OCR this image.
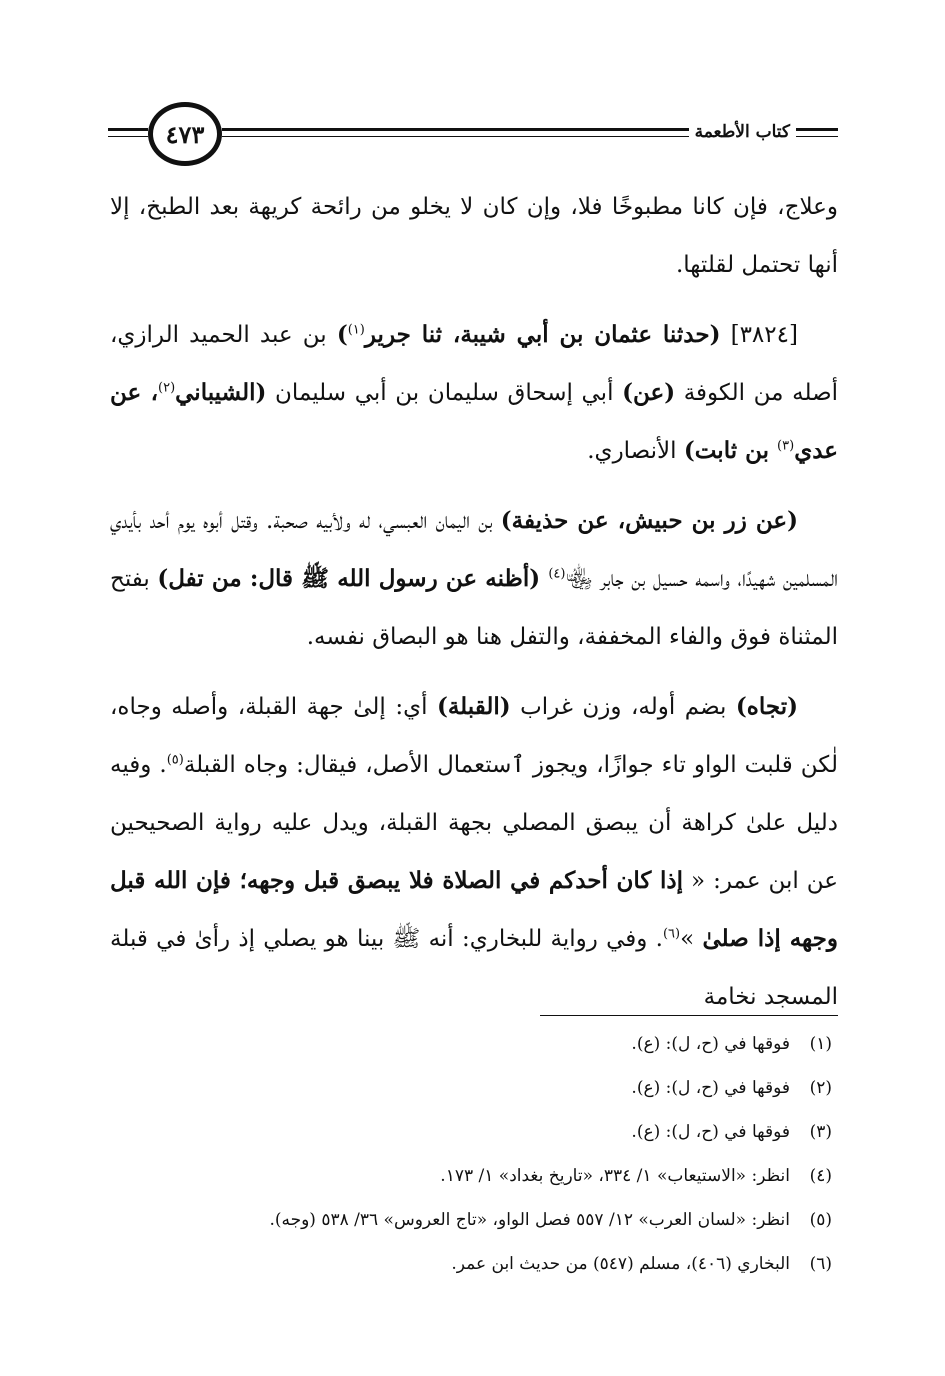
كتاب الأطعمة
٤٧٣

وعلاج، فإن كانا مطبوخًا فلا، وإن كان لا يخلو من رائحة كريهة بعد الطبخ، إلا أنها تحتمل لقلتها.

[٣٨٢٤] (حدثنا عثمان بن أبي شيبة، ثنا جرير$^{(١)}$) بن عبد الحميد الرازي، أصله من الكوفة (عن) أبي إسحاق سليمان بن أبي سليمان (الشيباني$^{(٢)}$، عن عدي$^{(٣)}$ بن ثابت) الأنصاري.

(عن زر بن حبيش، عن حذيفة) بن اليمان العبسي، له ولأبيه صحبة. وقتل أبوه يوم أحد بأيدي المسلمين شهيدًا، واسمه حسيل بن جابر ﵄$^{(٤)}$ (أظنه عن رسول الله ﷺ قال: من تفل) بفتح المثناة فوق والفاء المخففة، والتفل هنا هو البصاق نفسه.

(تجاه) بضم أوله، وزن غراب (القبلة) أي: إلىٰ جهة القبلة، وأصله وجاه، لٰكن قلبت الواو تاء جوازًا، ويجوز ٱستعمال الأصل، فيقال: وجاه القبلة$^{(٥)}$. وفيه دليل علىٰ كراهة أن يبصق المصلي بجهة القبلة، ويدل عليه رواية الصحيحين عن ابن عمر: « إذا كان أحدكم في الصلاة فلا يبصق قبل وجهه؛ فإن الله قبل وجهه إذا صلىٰ »$^{(٦)}$. وفي رواية للبخاري: أنه ﷺ بينا هو يصلي إذ رأىٰ في قبلة المسجد نخامة

(١)فوقها في (ح، ل): (ع).
(٢)فوقها في (ح، ل): (ع).
(٣)فوقها في (ح، ل): (ع).
(٤)انظر: «الاستيعاب» ١/ ٣٣٤، «تاريخ بغداد» ١/ ١٧٣.
(٥)انظر: «لسان العرب» ١٢/ ٥٥٧ فصل الواو، «تاج العروس» ٣٦/ ٥٣٨ (وجه).
(٦)البخاري (٤٠٦)، مسلم (٥٤٧) من حديث ابن عمر.
